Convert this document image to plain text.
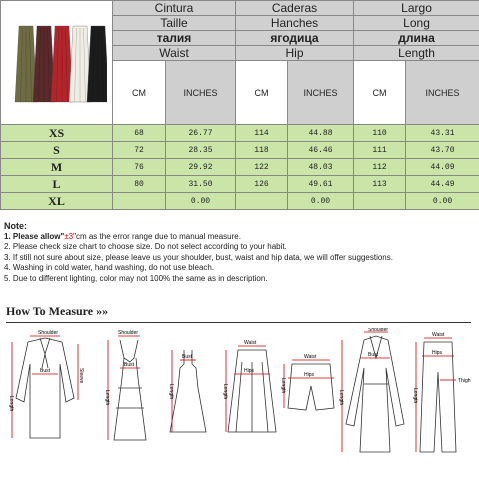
	Cintura		Caderas		Largo	
	Taille		Hanches		Long	
	талия		ягодица		длина	
	Waist		Hip		Length	
	CM	INCHES	CM	INCHES	CM	INCHES
XS	68	26.77	114	44.88	110	43.31
S	72	28.35	118	46.46	111	43.70
M	76	29.92	122	48.03	112	44.09
L	80	31.50	126	49.61	113	44.49
XL		0.00		0.00		0.00
Note:
1. Please allow"±3"cm as the error range due to manual measure.
2. Please check size chart to choose size. Do not select according to your habit.
3. If still not sure about size, please leave us your shoulder, bust, waist and hip data, we will offer suggestions.
4. Washing in cold water, hand washing, do not use bleach.
5. Due to different lighting, color may not 100% the same as in description.
How To Measure »»
Shoulder
Bust
Length
Sleeve
Shoulder
Bust
Length
Bust
Length
Waist
Hips
Length
Waist
Hips
Length
Shoulder
Bust
Length
Waist
Hips
Thigh
Length
